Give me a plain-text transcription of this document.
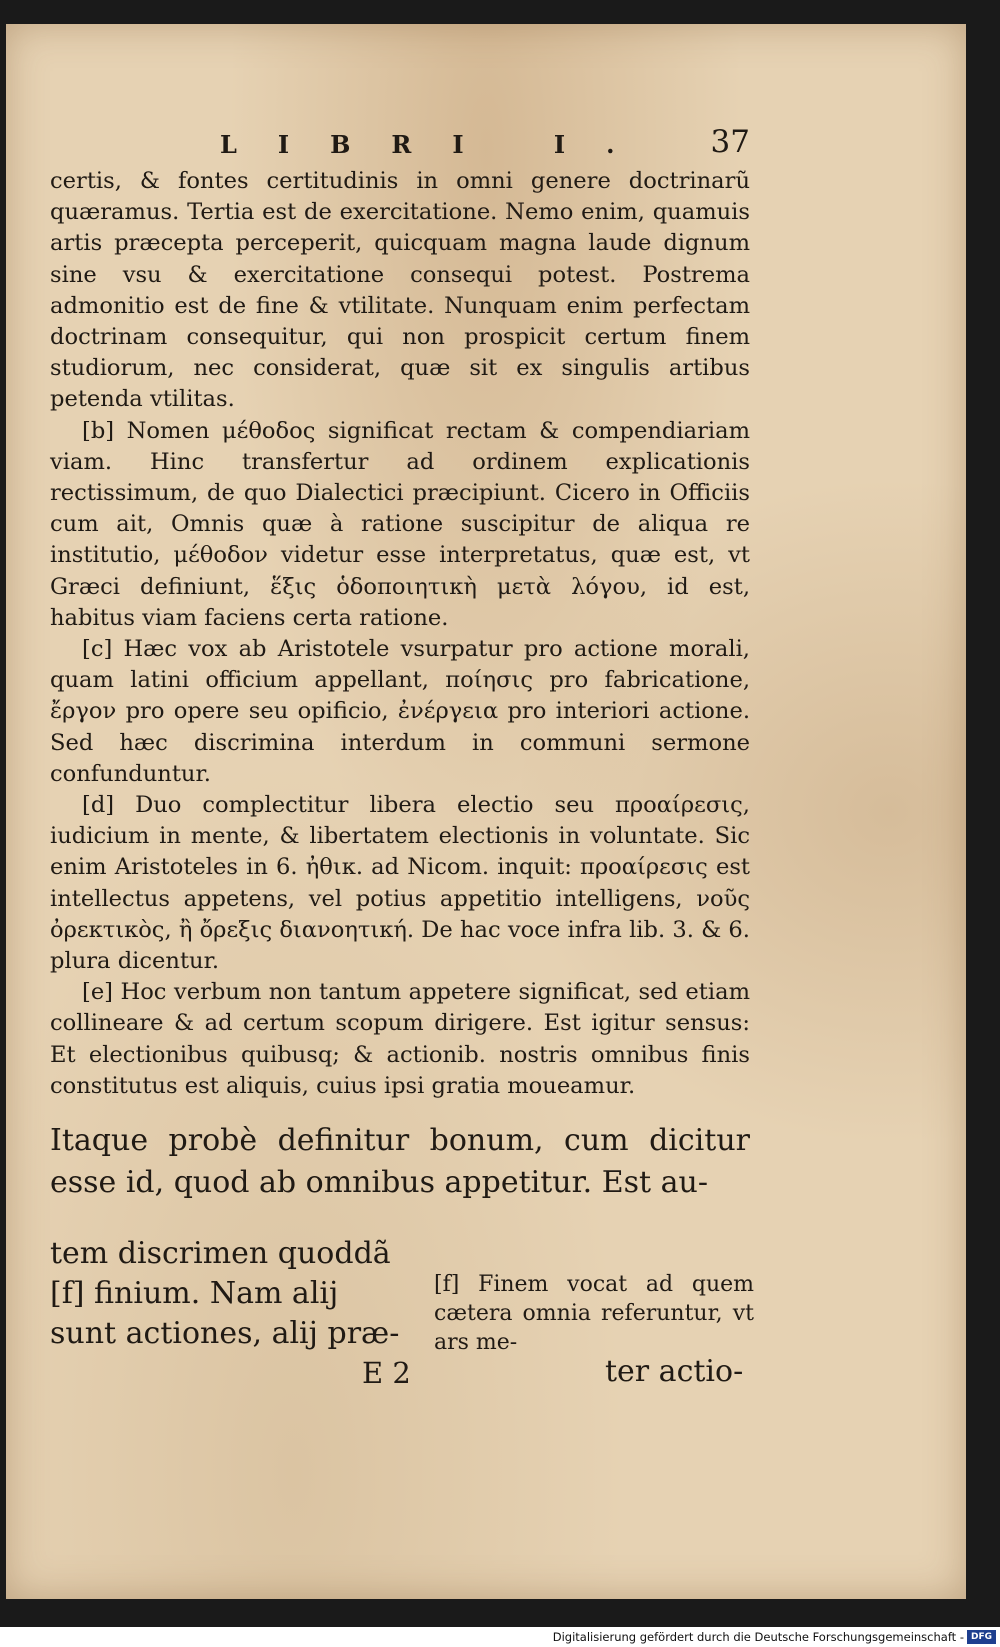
LIBRI I. 37

certis, & fontes certitudinis in omni genere doctrinarũ quæramus. Tertia est de exercitatione. Nemo enim, quamuis artis præcepta perceperit, quicquam magna laude dignum sine vsu & exercitatione consequi potest. Postrema admonitio est de fine & vtilitate. Nunquam enim perfectam doctrinam consequitur, qui non prospicit certum finem studiorum, nec considerat, quæ sit ex singulis artibus petenda vtilitas.

[b] Nomen μέθοδος significat rectam & compendiariam viam. Hinc transfertur ad ordinem explicationis rectissimum, de quo Dialectici præcipiunt. Cicero in Officiis cum ait, Omnis quæ à ratione suscipitur de aliqua re institutio, μέθοδον videtur esse interpretatus, quæ est, vt Græci definiunt, ἕξις ὁδοποιητικὴ μετὰ λόγου, id est, habitus viam faciens certa ratione.

[c] Hæc vox ab Aristotele vsurpatur pro actione morali, quam latini officium appellant, ποίησις pro fabricatione, ἔργον pro opere seu opificio, ἐνέργεια pro interiori actione. Sed hæc discrimina interdum in communi sermone confunduntur.

[d] Duo complectitur libera electio seu προαίρεσις, iudicium in mente, & libertatem electionis in voluntate. Sic enim Aristoteles in 6. ἠθικ. ad Nicom. inquit: προαίρεσις est intellectus appetens, vel potius appetitio intelligens, νοῦς ὀρεκτικὸς, ἢ ὄρεξις διανοητική. De hac voce infra lib. 3. & 6. plura dicentur.

[e] Hoc verbum non tantum appetere significat, sed etiam collineare & ad certum scopum dirigere. Est igitur sensus: Et electionibus quibusq; & actionib. nostris omnibus finis constitutus est aliquis, cuius ipsi gratia moueamur.

Itaque probè definitur bonum, cum dicitur esse id, quod ab omnibus appetitur. Est au-

tem discrimen quoddã [f] finium. Nam alij sunt actiones, alij præ-
[f] Finem vocat ad quem cætera omnia referuntur, vt ars me-
E 2	ter actio-
Digitalisierung gefördert durch die Deutsche Forschungsgemeinschaft - DFG
